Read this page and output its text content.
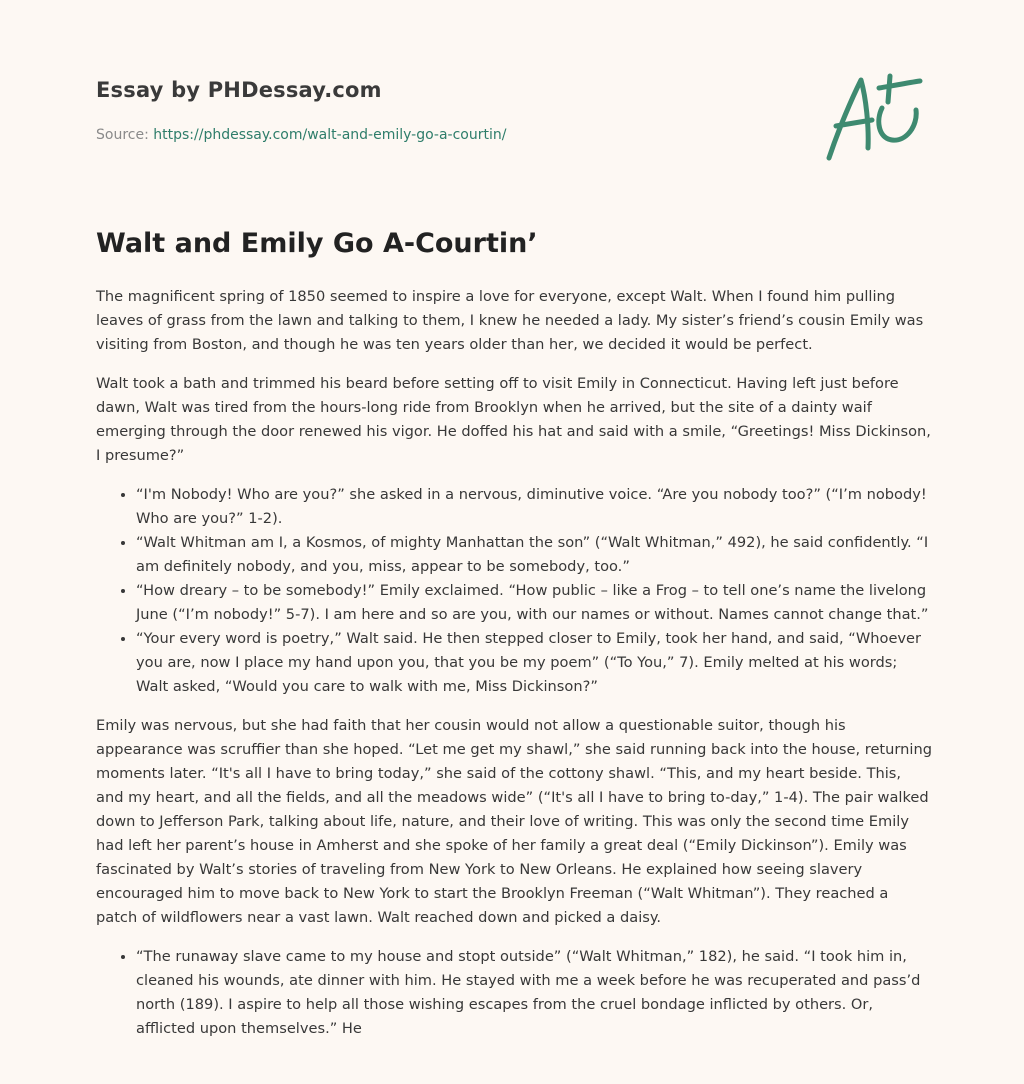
Essay by PHDessay.com

Source: https://phdessay.com/walt-and-emily-go-a-courtin/
Walt and Emily Go A-Courtin’

The magnificent spring of 1850 seemed to inspire a love for everyone, except Walt. When I found him pulling leaves of grass from the lawn and talking to them, I knew he needed a lady. My sister’s friend’s cousin Emily was visiting from Boston, and though he was ten years older than her, we decided it would be perfect.

Walt took a bath and trimmed his beard before setting off to visit Emily in Connecticut. Having left just before dawn, Walt was tired from the hours-long ride from Brooklyn when he arrived, but the site of a dainty waif emerging through the door renewed his vigor. He doffed his hat and said with a smile, “Greetings! Miss Dickinson, I presume?”

• “I'm Nobody! Who are you?” she asked in a nervous, diminutive voice. “Are you nobody too?” (“I’m nobody! Who are you?” 1-2).
• “Walt Whitman am I, a Kosmos, of mighty Manhattan the son” (“Walt Whitman,” 492), he said confidently. “I am definitely nobody, and you, miss, appear to be somebody, too.”
• “How dreary – to be somebody!” Emily exclaimed. “How public – like a Frog – to tell one’s name the livelong June (“I’m nobody!” 5-7). I am here and so are you, with our names or without. Names cannot change that.”
• “Your every word is poetry,” Walt said. He then stepped closer to Emily, took her hand, and said, “Whoever you are, now I place my hand upon you, that you be my poem” (“To You,” 7). Emily melted at his words; Walt asked, “Would you care to walk with me, Miss Dickinson?”

Emily was nervous, but she had faith that her cousin would not allow a questionable suitor, though his appearance was scruffier than she hoped. “Let me get my shawl,” she said running back into the house, returning moments later. “It's all I have to bring today,” she said of the cottony shawl. “This, and my heart beside. This, and my heart, and all the fields, and all the meadows wide” (“It's all I have to bring to-day,” 1-4). The pair walked down to Jefferson Park, talking about life, nature, and their love of writing. This was only the second time Emily had left her parent’s house in Amherst and she spoke of her family a great deal (“Emily Dickinson”). Emily was fascinated by Walt’s stories of traveling from New York to New Orleans. He explained how seeing slavery encouraged him to move back to New York to start the Brooklyn Freeman (“Walt Whitman”). They reached a patch of wildflowers near a vast lawn. Walt reached down and picked a daisy.

• “The runaway slave came to my house and stopt outside” (“Walt Whitman,” 182), he said. “I took him in, cleaned his wounds, ate dinner with him. He stayed with me a week before he was recuperated and pass’d north (189). I aspire to help all those wishing escapes from the cruel bondage inflicted by others. Or, afflicted upon themselves.” He
